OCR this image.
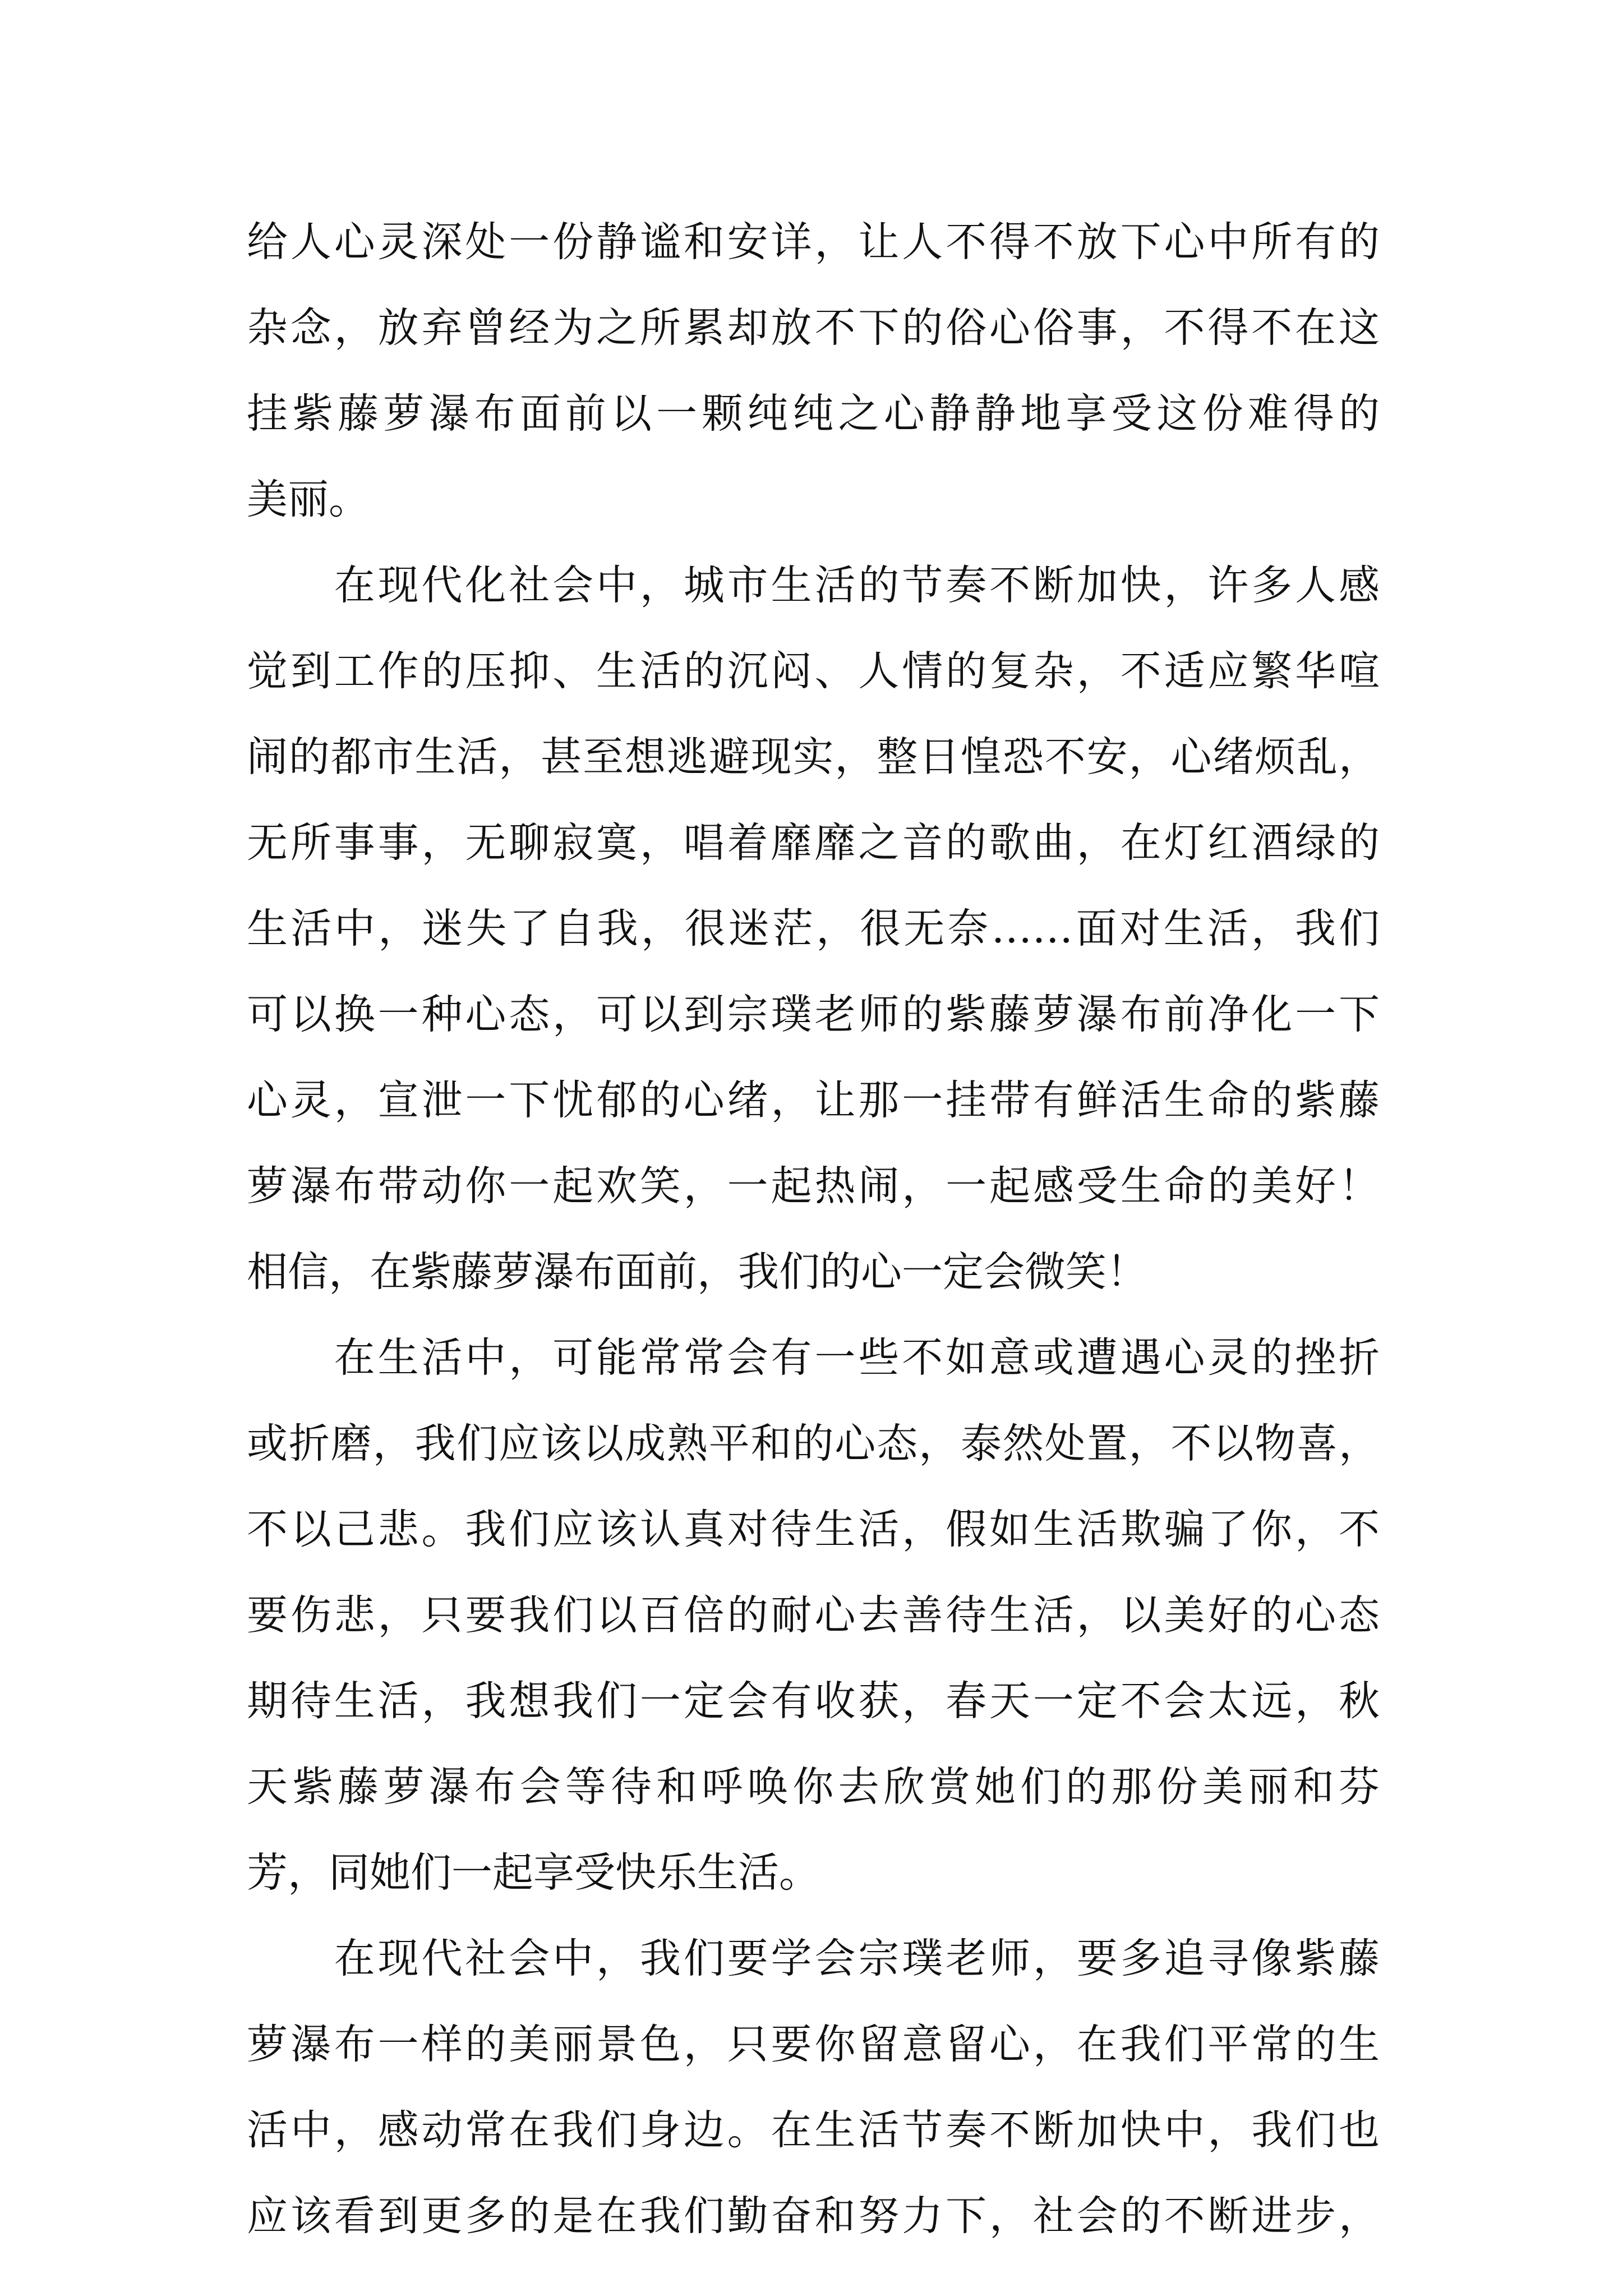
给人心灵深处一份静谧和安详，让人不得不放下心中所有的
杂念，放弃曾经为之所累却放不下的俗心俗事，不得不在这
挂紫藤萝瀑布面前以一颗纯纯之心静静地享受这份难得的
美丽。
　　在现代化社会中，城市生活的节奏不断加快，许多人感
觉到工作的压抑、生活的沉闷、人情的复杂，不适应繁华喧
闹的都市生活，甚至想逃避现实，整日惶恐不安，心绪烦乱，
无所事事，无聊寂寞，唱着靡靡之音的歌曲，在灯红酒绿的
生活中，迷失了自我，很迷茫，很无奈……面对生活，我们
可以换一种心态，可以到宗璞老师的紫藤萝瀑布前净化一下
心灵，宣泄一下忧郁的心绪，让那一挂带有鲜活生命的紫藤
萝瀑布带动你一起欢笑，一起热闹，一起感受生命的美好！
相信，在紫藤萝瀑布面前，我们的心一定会微笑！
　　在生活中，可能常常会有一些不如意或遭遇心灵的挫折
或折磨，我们应该以成熟平和的心态，泰然处置，不以物喜，
不以己悲。我们应该认真对待生活，假如生活欺骗了你，不
要伤悲，只要我们以百倍的耐心去善待生活，以美好的心态
期待生活，我想我们一定会有收获，春天一定不会太远，秋
天紫藤萝瀑布会等待和呼唤你去欣赏她们的那份美丽和芬
芳，同她们一起享受快乐生活。
　　在现代社会中，我们要学会宗璞老师，要多追寻像紫藤
萝瀑布一样的美丽景色，只要你留意留心，在我们平常的生
活中，感动常在我们身边。在生活节奏不断加快中，我们也
应该看到更多的是在我们勤奋和努力下，社会的不断进步，
